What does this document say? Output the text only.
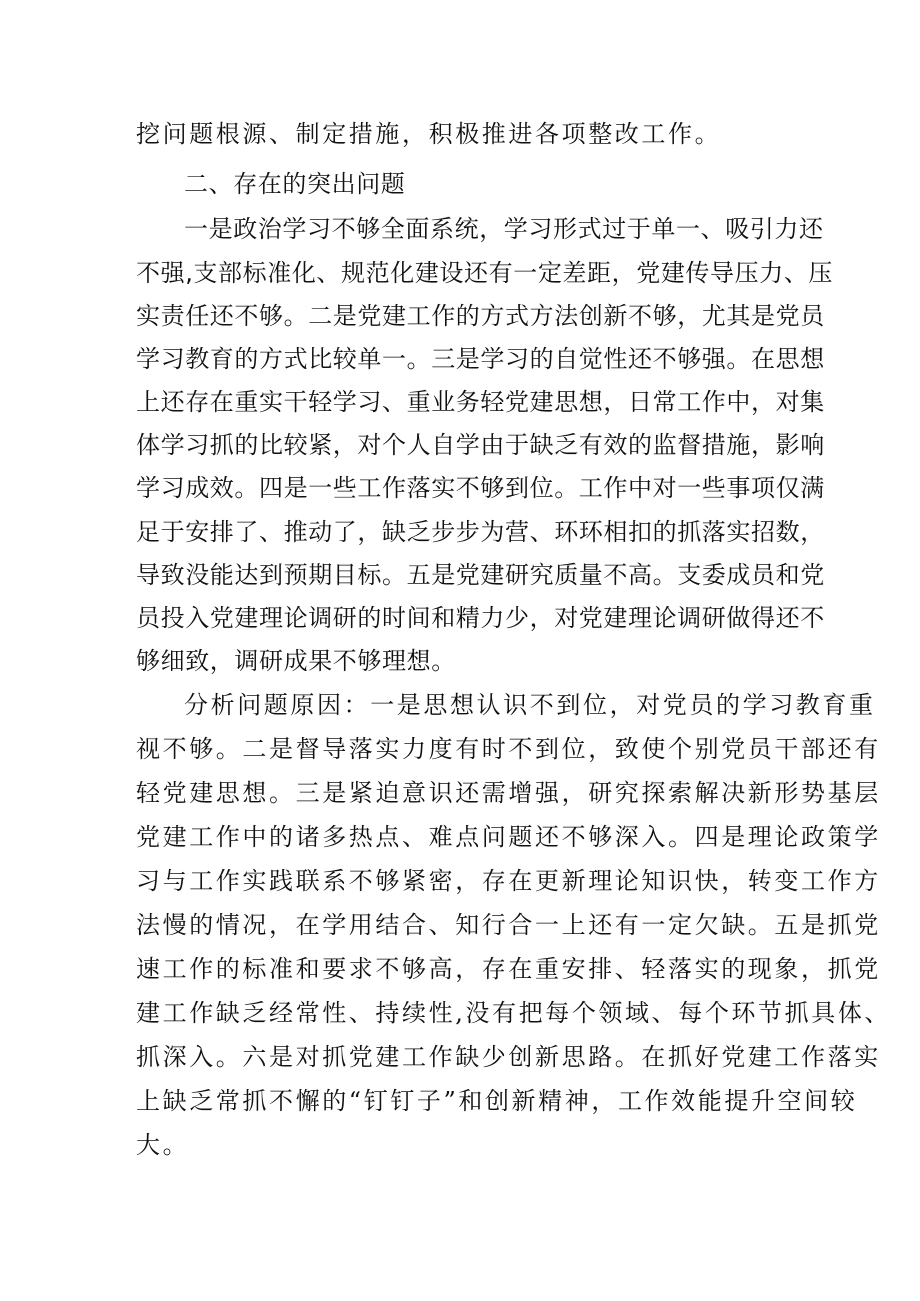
挖问题根源、制定措施，积极推进各项整改工作。
二、存在的突出问题
一是政治学习不够全面系统，学习形式过于单一、吸引力还
不强,支部标准化、规范化建设还有一定差距，党建传导压力、压
实责任还不够。二是党建工作的方式方法创新不够，尤其是党员
学习教育的方式比较单一。三是学习的自觉性还不够强。在思想
上还存在重实干轻学习、重业务轻党建思想，日常工作中，对集
体学习抓的比较紧，对个人自学由于缺乏有效的监督措施，影响
学习成效。四是一些工作落实不够到位。工作中对一些事项仅满
足于安排了、推动了，缺乏步步为营、环环相扣的抓落实招数，
导致没能达到预期目标。五是党建研究质量不高。支委成员和党
员投入党建理论调研的时间和精力少，对党建理论调研做得还不
够细致，调研成果不够理想。
分析问题原因：一是思想认识不到位，对党员的学习教育重
视不够。二是督导落实力度有时不到位，致使个别党员干部还有
轻党建思想。三是紧迫意识还需增强，研究探索解决新形势基层
党建工作中的诸多热点、难点问题还不够深入。四是理论政策学
习与工作实践联系不够紧密，存在更新理论知识快，转变工作方
法慢的情况，在学用结合、知行合一上还有一定欠缺。五是抓党
速工作的标准和要求不够高，存在重安排、轻落实的现象，抓党
建工作缺乏经常性、持续性,没有把每个领域、每个环节抓具体、
抓深入。六是对抓党建工作缺少创新思路。在抓好党建工作落实
上缺乏常抓不懈的“钉钉子”和创新精神，工作效能提升空间较
大。
